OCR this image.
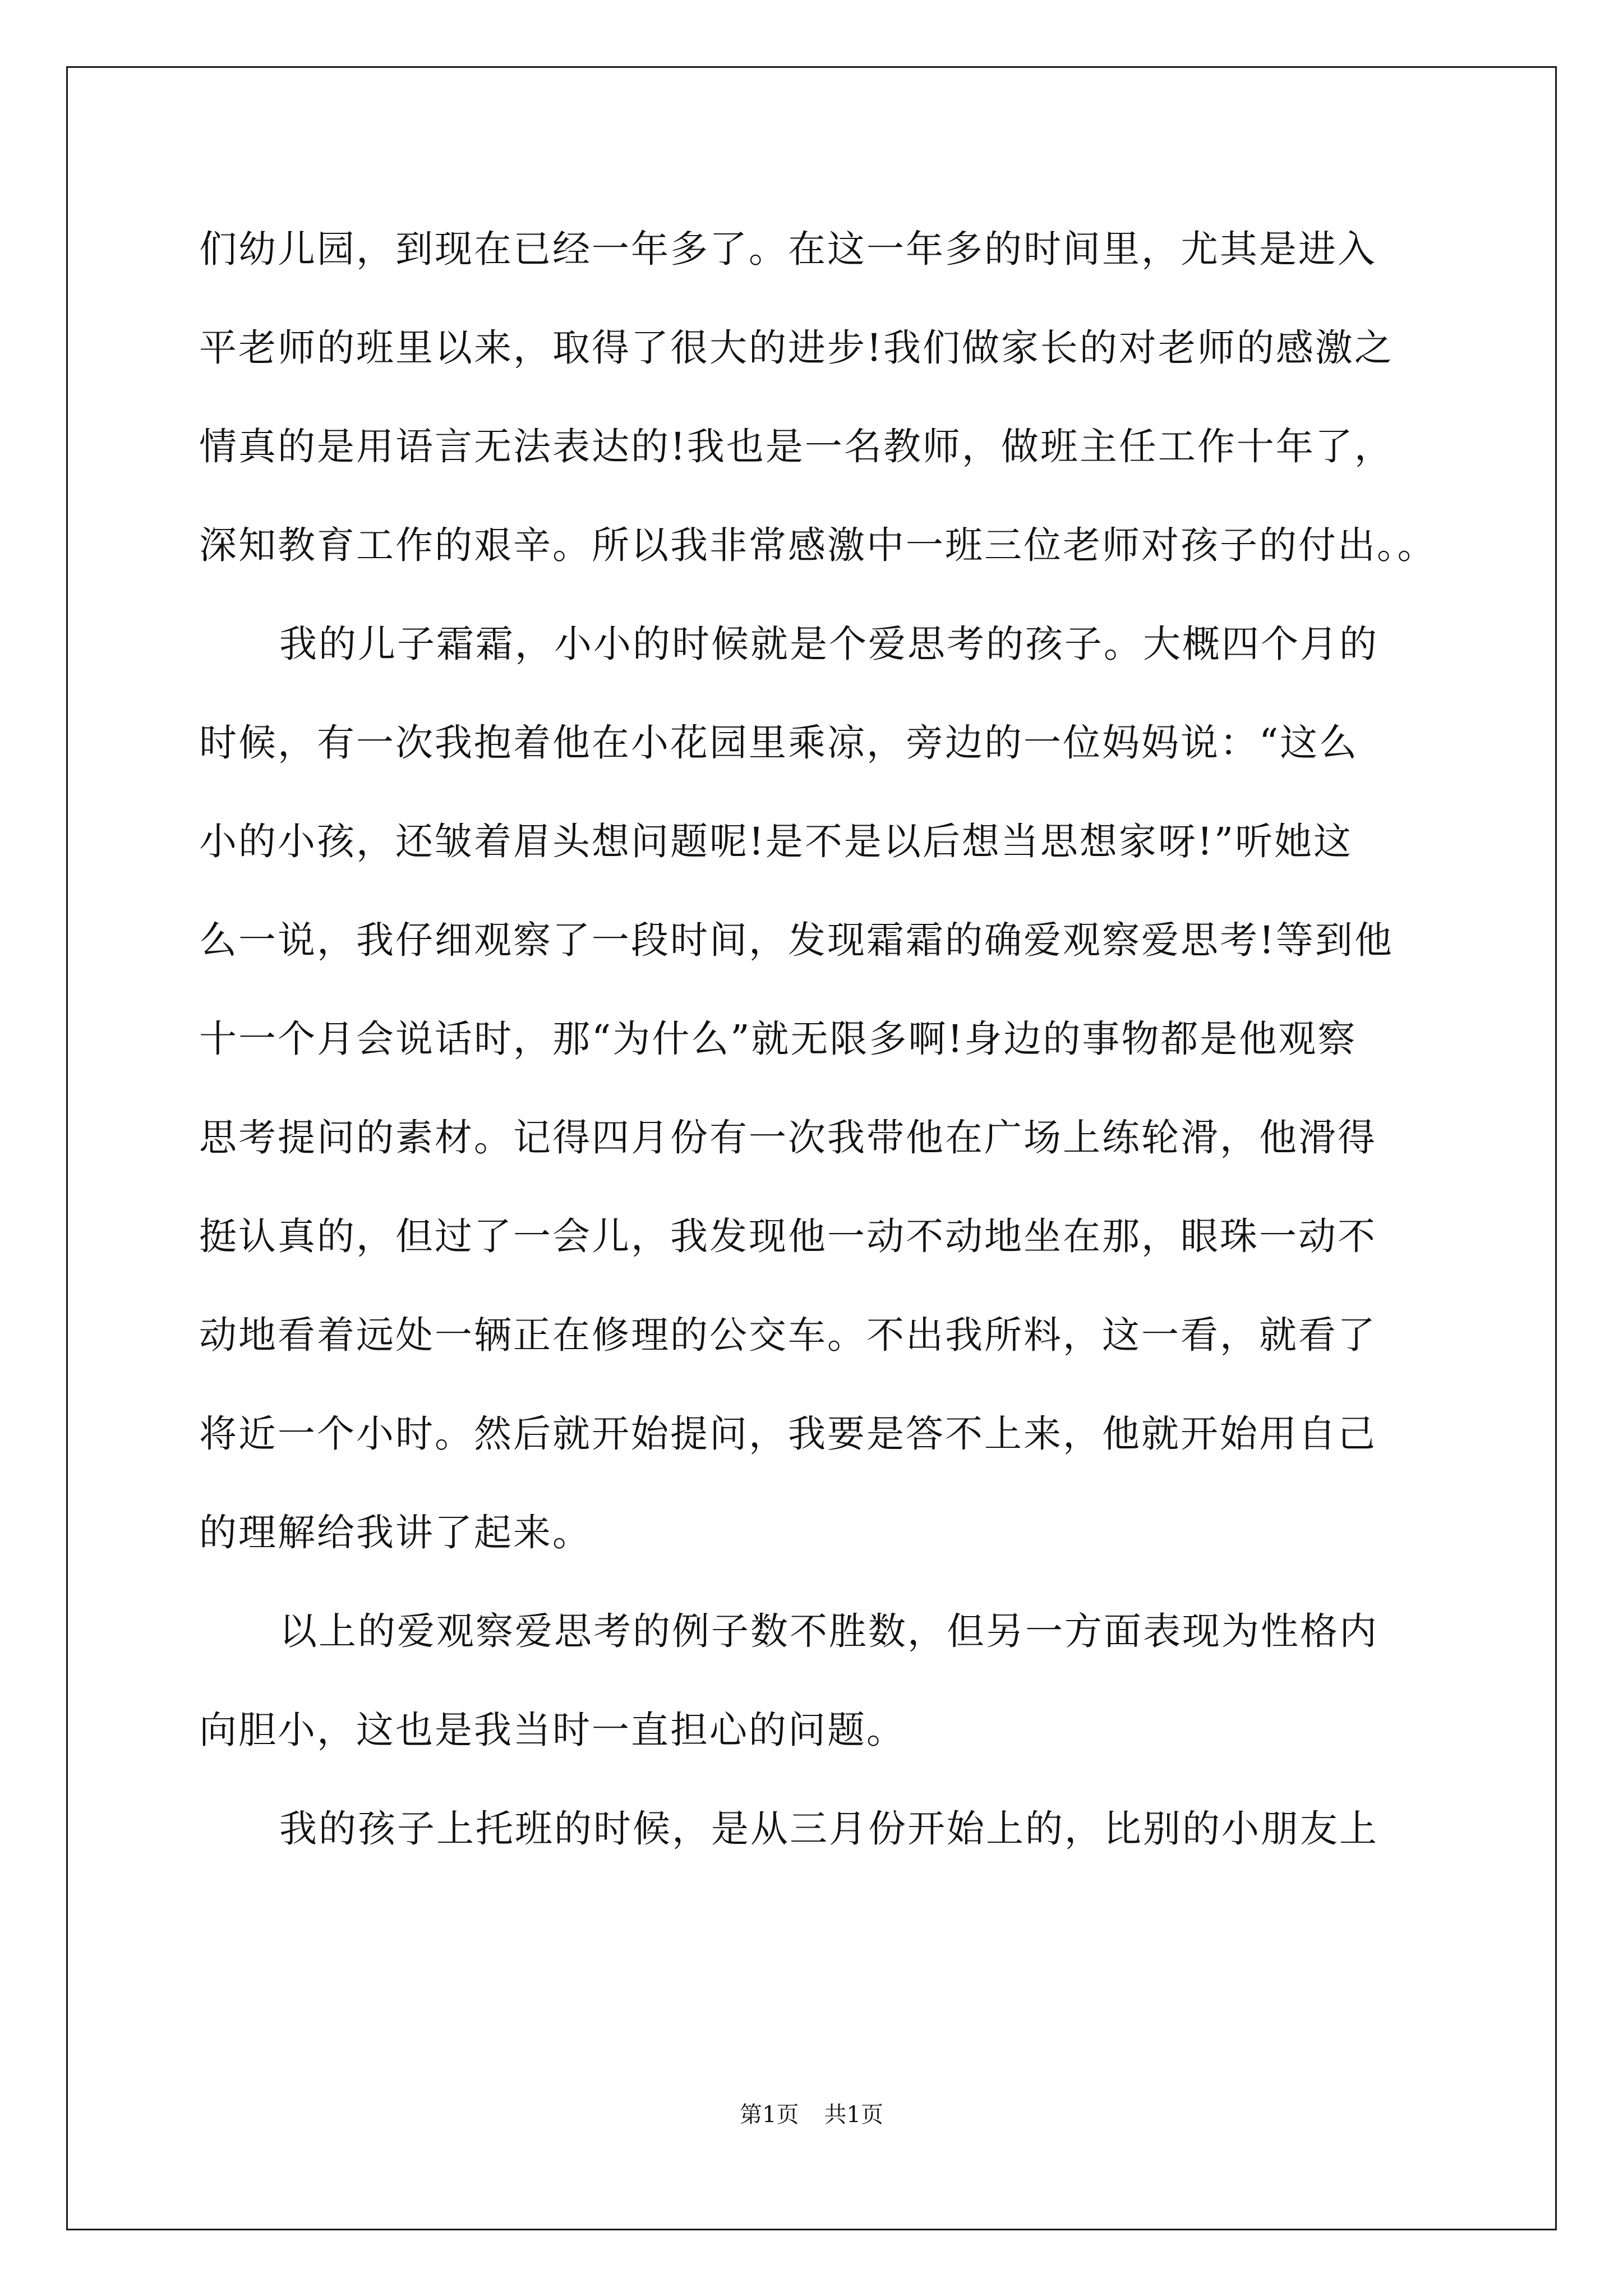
们幼儿园，到现在已经一年多了。在这一年多的时间里，尤其是进入
平老师的班里以来，取得了很大的进步!我们做家长的对老师的感激之
情真的是用语言无法表达的!我也是一名教师，做班主任工作十年了，
深知教育工作的艰辛。所以我非常感激中一班三位老师对孩子的付出。。
我的儿子霜霜，小小的时候就是个爱思考的孩子。大概四个月的
时候，有一次我抱着他在小花园里乘凉，旁边的一位妈妈说：“这么
小的小孩，还皱着眉头想问题呢!是不是以后想当思想家呀!”听她这
么一说，我仔细观察了一段时间，发现霜霜的确爱观察爱思考!等到他
十一个月会说话时，那“为什么”就无限多啊!身边的事物都是他观察
思考提问的素材。记得四月份有一次我带他在广场上练轮滑，他滑得
挺认真的，但过了一会儿，我发现他一动不动地坐在那，眼珠一动不
动地看着远处一辆正在修理的公交车。不出我所料，这一看，就看了
将近一个小时。然后就开始提问，我要是答不上来，他就开始用自己
的理解给我讲了起来。
以上的爱观察爱思考的例子数不胜数，但另一方面表现为性格内
向胆小，这也是我当时一直担心的问题。
我的孩子上托班的时候，是从三月份开始上的，比别的小朋友上
第1页 共1页
